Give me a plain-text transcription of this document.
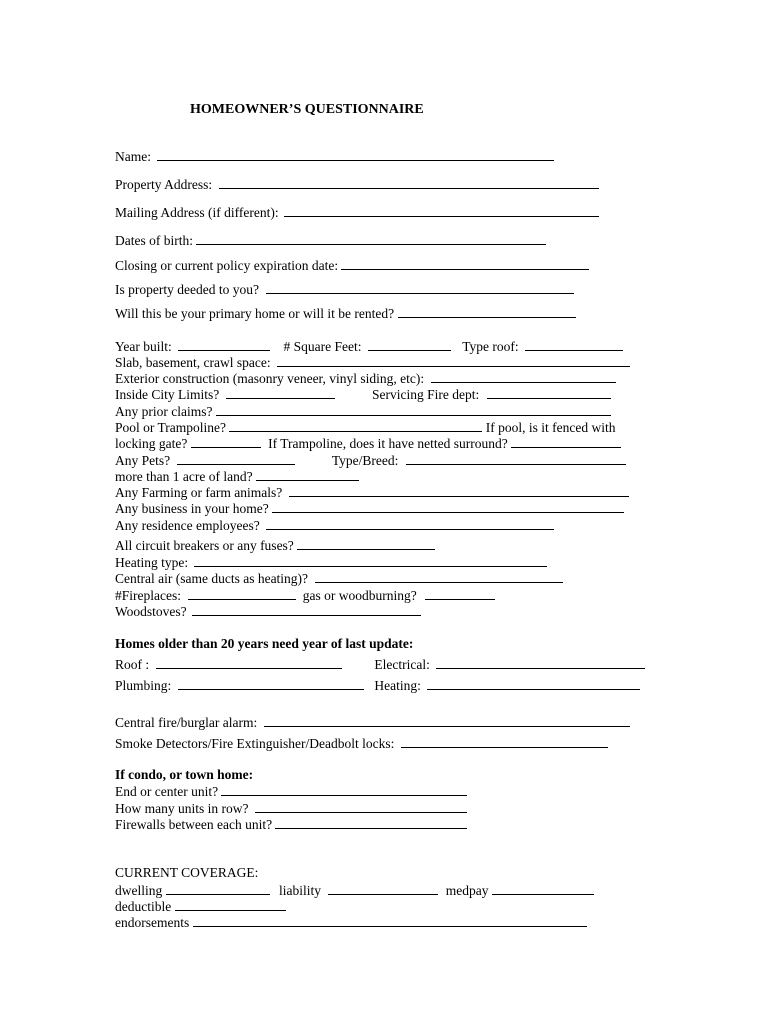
HOMEOWNER’S QUESTIONNAIRE
Name:
Property Address:
Mailing Address (if different):
Dates of birth:
Closing or current policy expiration date:
Is property deeded to you?
Will this be your primary home or will it be rented?
Year built:	# Square Feet:	Type roof:
Slab, basement, crawl space:
Exterior construction (masonry veneer, vinyl siding, etc):
Inside City Limits?	Servicing Fire dept:
Any prior claims?
Pool or Trampoline?	If pool, is it fenced with
locking gate?	If Trampoline, does it have netted surround?
Any Pets?	Type/Breed:
more than 1 acre of land?
Any Farming or farm animals?
Any business in your home?
Any residence employees?
All circuit breakers or any fuses?
Heating type:
Central air (same ducts as heating)?
#Fireplaces:	gas or woodburning?
Woodstoves?
Homes older than 20 years need year of last update:
Roof :	Electrical:
Plumbing:	Heating:
Central fire/burglar alarm:
Smoke Detectors/Fire Extinguisher/Deadbolt locks:
If condo, or town home:
End or center unit?
How many units in row?
Firewalls between each unit?
CURRENT COVERAGE:
dwelling	liability	medpay
deductible
endorsements
